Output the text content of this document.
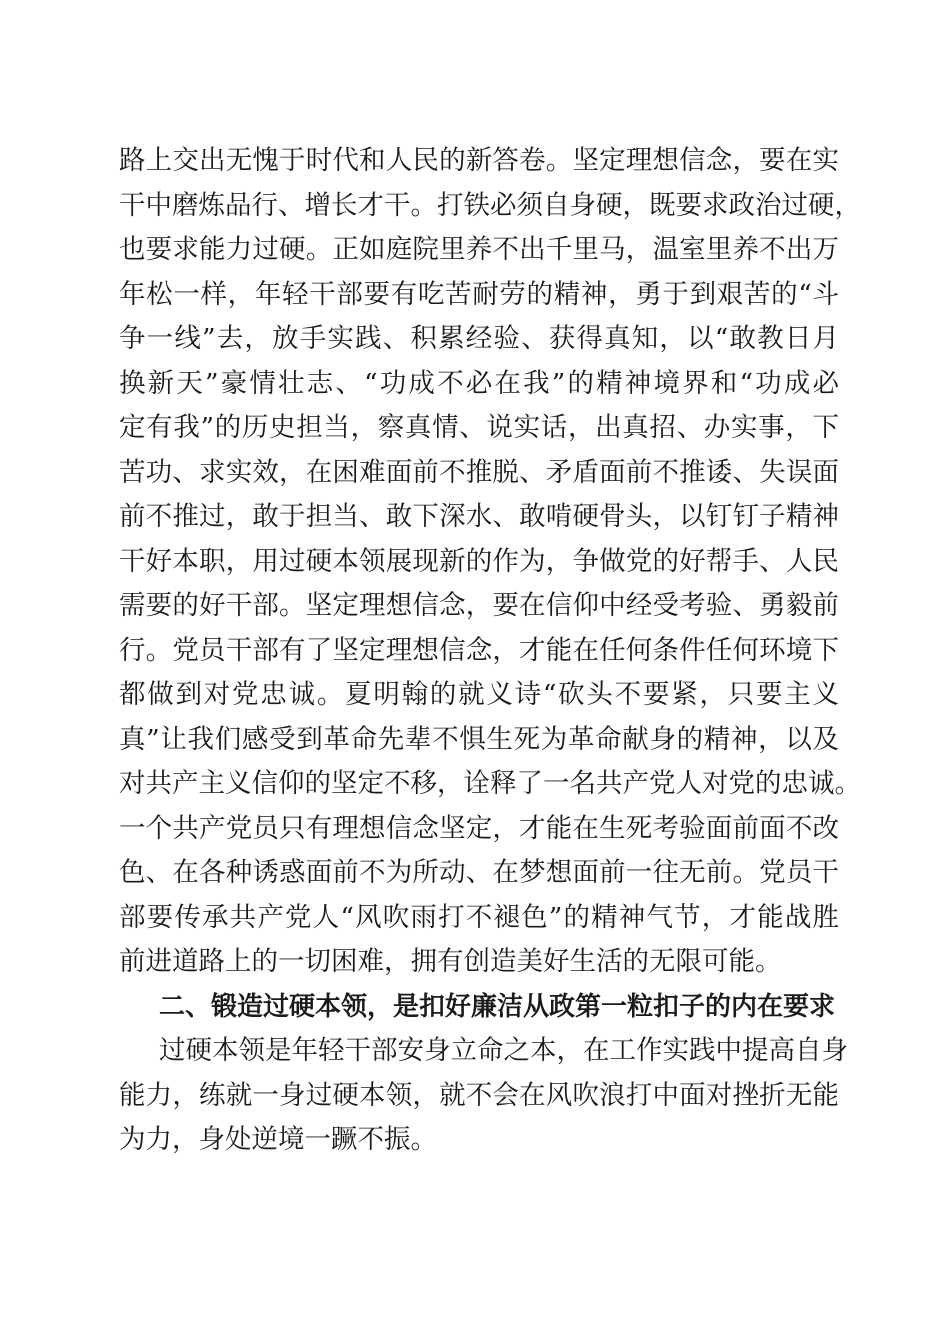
路上交出无愧于时代和人民的新答卷。坚定理想信念，要在实
干中磨炼品行、增长才干。打铁必须自身硬，既要求政治过硬，
也要求能力过硬。正如庭院里养不出千里马，温室里养不出万
年松一样，年轻干部要有吃苦耐劳的精神，勇于到艰苦的“斗
争一线”去，放手实践、积累经验、获得真知，以“敢教日月
换新天”豪情壮志、“功成不必在我”的精神境界和“功成必
定有我”的历史担当，察真情、说实话，出真招、办实事，下
苦功、求实效，在困难面前不推脱、矛盾面前不推诿、失误面
前不推过，敢于担当、敢下深水、敢啃硬骨头，以钉钉子精神
干好本职，用过硬本领展现新的作为，争做党的好帮手、人民
需要的好干部。坚定理想信念，要在信仰中经受考验、勇毅前
行。党员干部有了坚定理想信念，才能在任何条件任何环境下
都做到对党忠诚。夏明翰的就义诗“砍头不要紧，只要主义
真”让我们感受到革命先辈不惧生死为革命献身的精神，以及
对共产主义信仰的坚定不移，诠释了一名共产党人对党的忠诚。
一个共产党员只有理想信念坚定，才能在生死考验面前面不改
色、在各种诱惑面前不为所动、在梦想面前一往无前。党员干
部要传承共产党人“风吹雨打不褪色”的精神气节，才能战胜
前进道路上的一切困难，拥有创造美好生活的无限可能。
二、锻造过硬本领，是扣好廉洁从政第一粒扣子的内在要求
过硬本领是年轻干部安身立命之本，在工作实践中提高自身
能力，练就一身过硬本领，就不会在风吹浪打中面对挫折无能
为力，身处逆境一蹶不振。
